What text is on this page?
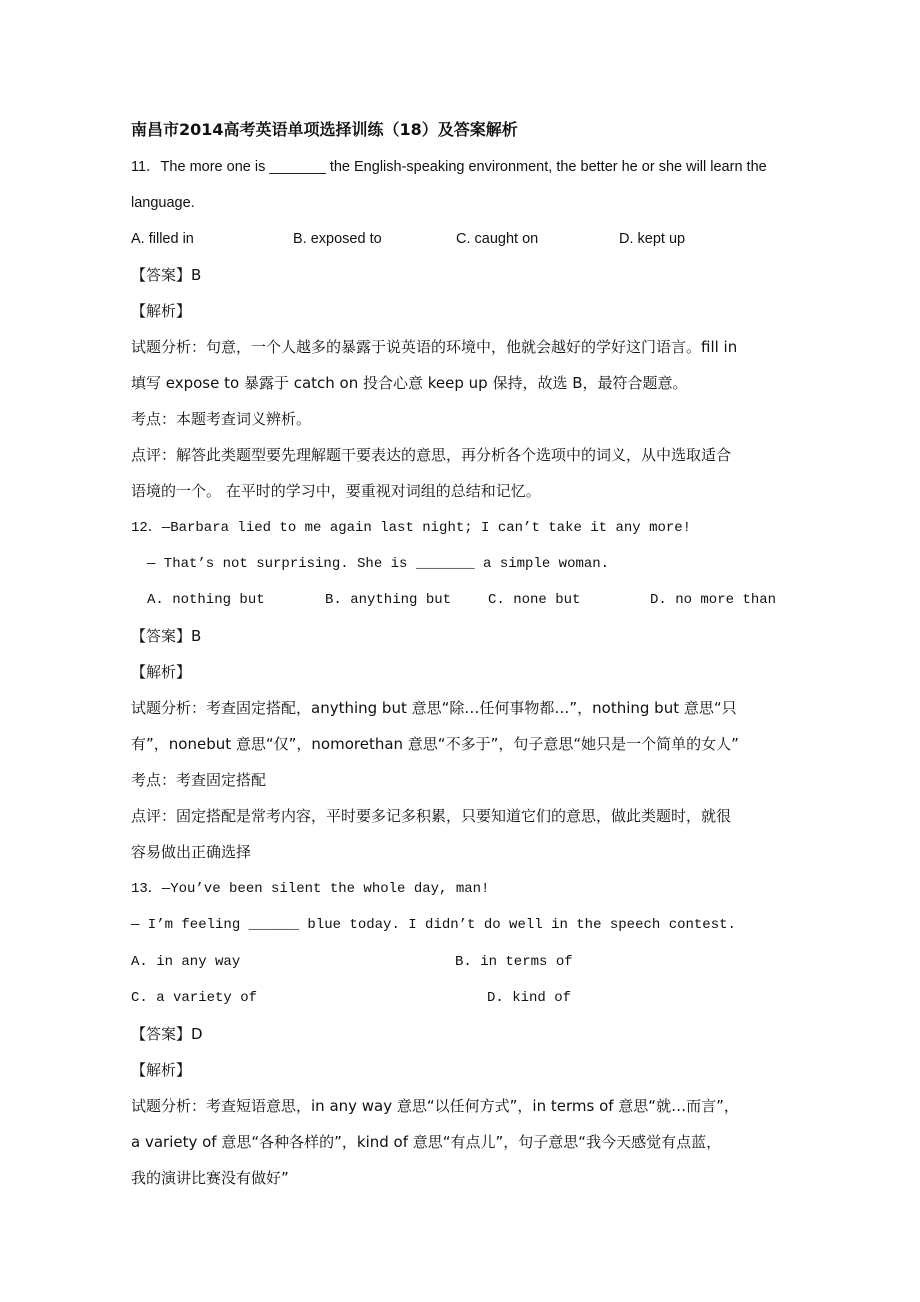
南昌市2014高考英语单项选择训练（18）及答案解析
11．The more one is _______ the English-speaking environment, the better he or she will learn the
language.
A. filled in	B. exposed to	C. caught on	D. kept up
【答案】B
【解析】
试题分析：句意，一个人越多的暴露于说英语的环境中，他就会越好的学好这门语言。fill in
填写 expose to 暴露于 catch on 投合心意 keep up 保持，故选 B，最符合题意。
考点：本题考查词义辨析。
点评：解答此类题型要先理解题干要表达的意思，再分析各个选项中的词义，从中选取适合
语境的一个。 在平时的学习中，要重视对词组的总结和记忆。
12．—Barbara lied to me again last night; I can’t take it any more!
— That’s not surprising. She is _______ a simple woman.
A. nothing but	B. anything but	C. none but	D. no more than
【答案】B
【解析】
试题分析：考查固定搭配，anything but 意思“除…任何事物都…”，nothing but 意思“只
有”，nonebut 意思“仅”，nomorethan 意思“不多于”，句子意思“她只是一个简单的女人”
考点：考查固定搭配
点评：固定搭配是常考内容，平时要多记多积累，只要知道它们的意思，做此类题时，就很
容易做出正确选择
13．—You’ve been silent the whole day, man!
— I’m feeling ______ blue today. I didn’t do well in the speech contest.
A. in any way	B. in terms of
C. a variety of	D. kind of
【答案】D
【解析】
试题分析：考查短语意思，in any way 意思“以任何方式”，in terms of 意思“就…而言”，
a variety of 意思“各种各样的”，kind of 意思“有点儿”，句子意思“我今天感觉有点蓝，
我的演讲比赛没有做好”
